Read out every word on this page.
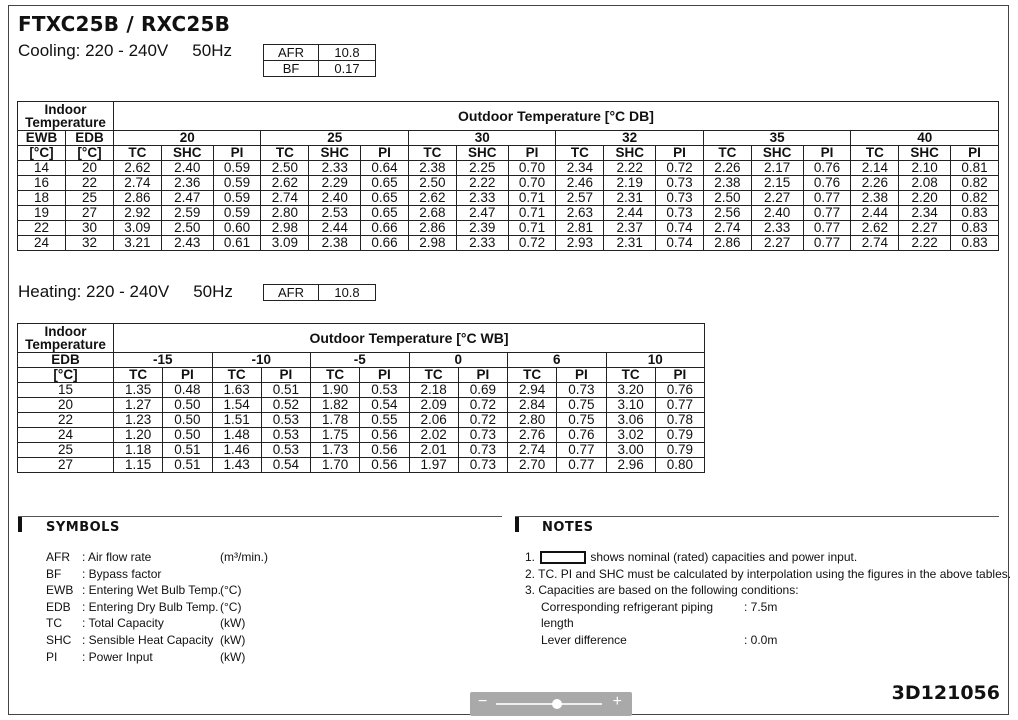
FTXC25B / RXC25B
Cooling: 220 - 240V 50Hz	AFR	10.8
BF	0.17
Indoor Temperature		Outdoor Temperature [°C DB]																	
EWB	EDB	20			25			30			32			35			40		
[°C]	[°C]	TC	SHC	PI	TC	SHC	PI	TC	SHC	PI	TC	SHC	PI	TC	SHC	PI	TC	SHC	PI
14	20	2.62	2.40	0.59	2.50	2.33	0.64	2.38	2.25	0.70	2.34	2.22	0.72	2.26	2.17	0.76	2.14	2.10	0.81
16	22	2.74	2.36	0.59	2.62	2.29	0.65	2.50	2.22	0.70	2.46	2.19	0.73	2.38	2.15	0.76	2.26	2.08	0.82
18	25	2.86	2.47	0.59	2.74	2.40	0.65	2.62	2.33	0.71	2.57	2.31	0.73	2.50	2.27	0.77	2.38	2.20	0.82
19	27	2.92	2.59	0.59	2.80	2.53	0.65	2.68	2.47	0.71	2.63	2.44	0.73	2.56	2.40	0.77	2.44	2.34	0.83
22	30	3.09	2.50	0.60	2.98	2.44	0.66	2.86	2.39	0.71	2.81	2.37	0.74	2.74	2.33	0.77	2.62	2.27	0.83
24	32	3.21	2.43	0.61	3.09	2.38	0.66	2.98	2.33	0.72	2.93	2.31	0.74	2.86	2.27	0.77	2.74	2.22	0.83
Heating: 220 - 240V 50Hz	AFR	10.8
Indoor Temperature	Outdoor Temperature [°C WB]											
EDB	-15		-10		-5		0		6		10	
[°C]	TC	PI	TC	PI	TC	PI	TC	PI	TC	PI	TC	PI
15	1.35	0.48	1.63	0.51	1.90	0.53	2.18	0.69	2.94	0.73	3.20	0.76
20	1.27	0.50	1.54	0.52	1.82	0.54	2.09	0.72	2.84	0.75	3.10	0.77
22	1.23	0.50	1.51	0.53	1.78	0.55	2.06	0.72	2.80	0.75	3.06	0.78
24	1.20	0.50	1.48	0.53	1.75	0.56	2.02	0.73	2.76	0.76	3.02	0.79
25	1.18	0.51	1.46	0.53	1.73	0.56	2.01	0.73	2.74	0.77	3.00	0.79
27	1.15	0.51	1.43	0.54	1.70	0.56	1.97	0.73	2.70	0.77	2.96	0.80
SYMBOLS
AFR	: Air flow rate	(m³/min.)
BF	: Bypass factor
EWB : Entering Wet Bulb Temp. (°C)
EDB : Entering Dry Bulb Temp. (°C)
TC	: Total Capacity	(kW)
SHC : Sensible Heat Capacity (kW)
PI	: Power Input	(kW)
NOTES
1.	shows nominal (rated) capacities and power input.
2. TC. PI and SHC must be calculated by interpolation using the figures in the above tables.
3. Capacities are based on the following conditions:
Corresponding refrigerant piping length
: 7.5m
Lever difference	: 0.0m
3D121056
−	+
